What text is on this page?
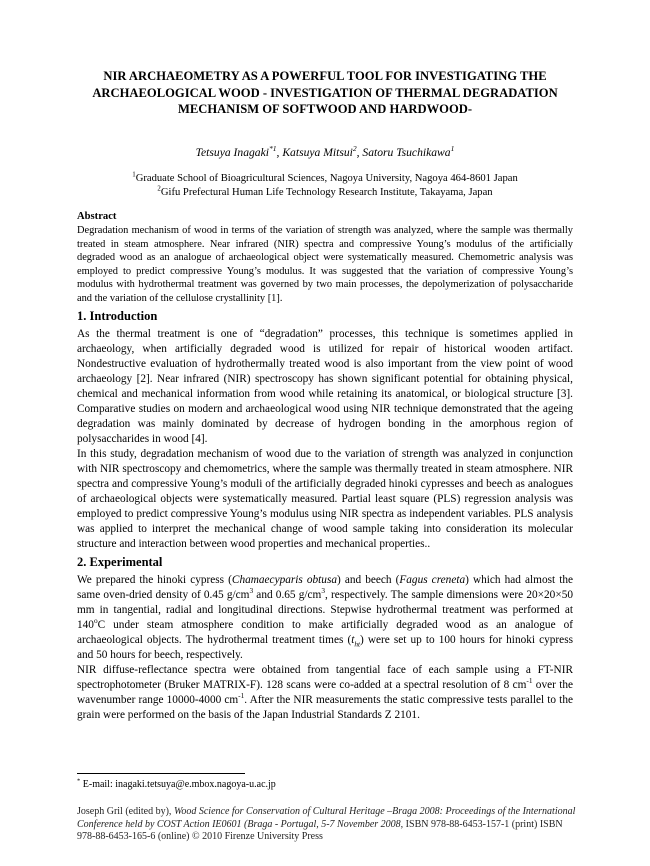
NIR ARCHAEOMETRY AS A POWERFUL TOOL FOR INVESTIGATING THE ARCHAEOLOGICAL WOOD - INVESTIGATION OF THERMAL DEGRADATION MECHANISM OF SOFTWOOD AND HARDWOOD-
Tetsuya Inagaki$^{*1}$, Katsuya Mitsui$^2$, Satoru Tsuchikawa$^1$
$^1$Graduate School of Bioagricultural Sciences, Nagoya University, Nagoya 464-8601 Japan
$^2$Gifu Prefectural Human Life Technology Research Institute, Takayama, Japan
Abstract
Degradation mechanism of wood in terms of the variation of strength was analyzed, where the sample was thermally treated in steam atmosphere. Near infrared (NIR) spectra and compressive Young’s modulus of the artificially degraded wood as an analogue of archaeological object were systematically measured. Chemometric analysis was employed to predict compressive Young’s modulus. It was suggested that the variation of compressive Young’s modulus with hydrothermal treatment was governed by two main processes, the depolymerization of polysaccharide and the variation of the cellulose crystallinity [1].
1. Introduction

As the thermal treatment is one of “degradation” processes, this technique is sometimes applied in archaeology, when artificially degraded wood is utilized for repair of historical wooden artifact. Nondestructive evaluation of hydrothermally treated wood is also important from the view point of wood archaeology [2]. Near infrared (NIR) spectroscopy has shown significant potential for obtaining physical, chemical and mechanical information from wood while retaining its anatomical, or biological structure [3]. Comparative studies on modern and archaeological wood using NIR technique demonstrated that the ageing degradation was mainly dominated by decrease of hydrogen bonding in the amorphous region of polysaccharides in wood [4].

In this study, degradation mechanism of wood due to the variation of strength was analyzed in conjunction with NIR spectroscopy and chemometrics, where the sample was thermally treated in steam atmosphere. NIR spectra and compressive Young’s moduli of the artificially degraded hinoki cypresses and beech as analogues of archaeological objects were systematically measured. Partial least square (PLS) regression analysis was employed to predict compressive Young’s modulus using NIR spectra as independent variables. PLS analysis was applied to interpret the mechanical change of wood sample taking into consideration its molecular structure and interaction between wood properties and mechanical properties..

2. Experimental

We prepared the hinoki cypress (Chamaecyparis obtusa) and beech (Fagus creneta) which had almost the same oven-dried density of 0.45 $g/cm^3$ and 0.65 $g/cm^3$, respectively. The sample dimensions were 20×20×50 mm in tangential, radial and longitudinal directions. Stepwise hydrothermal treatment was performed at 140$^o$C under steam atmosphere condition to make artificially degraded wood as an analogue of archaeological objects. The hydrothermal treatment times $(t_{ht})$ were set up to 100 hours for hinoki cypress and 50 hours for beech, respectively.

NIR diffuse-reflectance spectra were obtained from tangential face of each sample using a FT-NIR spectrophotometer (Bruker MATRIX-F). 128 scans were co-added at a spectral resolution of 8 $cm^{-1}$ over the wavenumber range 10000-4000 $cm^{-1}$. After the NIR measurements the static compressive tests parallel to the grain were performed on the basis of the Japan Industrial Standards Z 2101.

* E-mail: inagaki.tetsuya@e.mbox.nagoya-u.ac.jp
Joseph Gril (edited by), Wood Science for Conservation of Cultural Heritage –Braga 2008: Proceedings of the International Conference held by COST Action IE0601 (Braga - Portugal, 5-7 November 2008, ISBN 978-88-6453-157-1 (print) ISBN 978-88-6453-165-6 (online) © 2010 Firenze University Press
